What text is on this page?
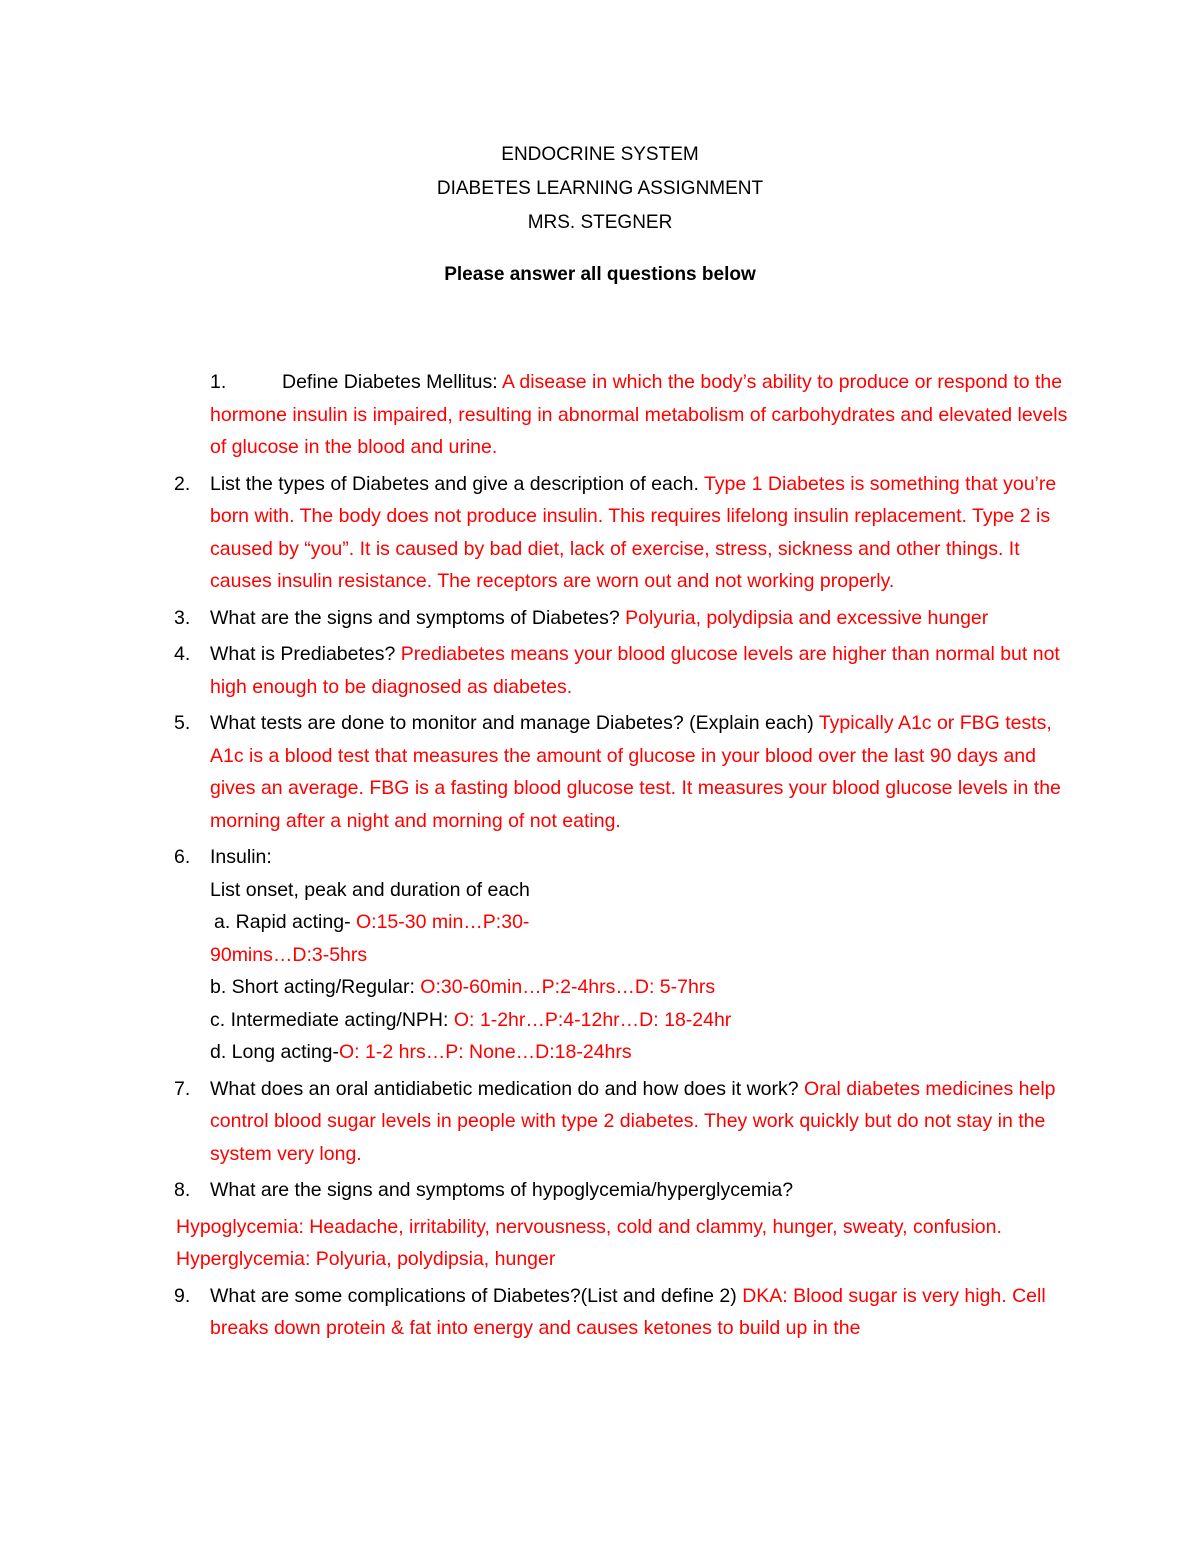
ENDOCRINE SYSTEM
DIABETES LEARNING ASSIGNMENT
MRS. STEGNER
Please answer all questions below
1.	Define Diabetes Mellitus: A disease in which the body’s ability to produce or respond to the hormone insulin is impaired, resulting in abnormal metabolism of carbohydrates and elevated levels of glucose in the blood and urine.
2. List the types of Diabetes and give a description of each. Type 1 Diabetes is something that you’re born with. The body does not produce insulin. This requires lifelong insulin replacement. Type 2 is caused by “you”. It is caused by bad diet, lack of exercise, stress, sickness and other things. It causes insulin resistance. The receptors are worn out and not working properly.
3. What are the signs and symptoms of Diabetes? Polyuria, polydipsia and excessive hunger
4. What is Prediabetes? Prediabetes means your blood glucose levels are higher than normal but not high enough to be diagnosed as diabetes.
5. What tests are done to monitor and manage Diabetes? (Explain each) Typically A1c or FBG tests, A1c is a blood test that measures the amount of glucose in your blood over the last 90 days and gives an average. FBG is a fasting blood glucose test. It measures your blood glucose levels in the morning after a night and morning of not eating.
6. Insulin:
List onset, peak and duration of each
a. Rapid acting- O:15-30 min…P:30-
90mins…D:3-5hrs
b. Short acting/Regular: O:30-60min…P:2-4hrs…D: 5-7hrs
c. Intermediate acting/NPH: O: 1-2hr…P:4-12hr…D: 18-24hr
d. Long acting-O: 1-2 hrs…P: None…D:18-24hrs
7. What does an oral antidiabetic medication do and how does it work? Oral diabetes medicines help control blood sugar levels in people with type 2 diabetes. They work quickly but do not stay in the system very long.
8. What are the signs and symptoms of hypoglycemia/hyperglycemia?
Hypoglycemia: Headache, irritability, nervousness, cold and clammy, hunger, sweaty, confusion. Hyperglycemia: Polyuria, polydipsia, hunger
9. What are some complications of Diabetes?(List and define 2) DKA: Blood sugar is very high. Cell breaks down protein & fat into energy and causes ketones to build up in the
